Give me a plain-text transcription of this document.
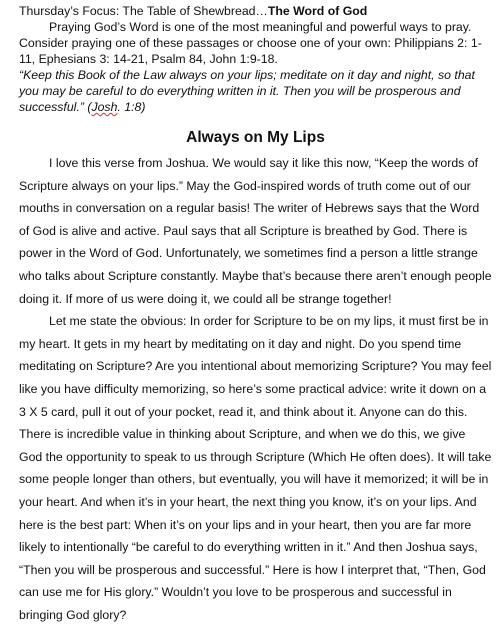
Thursday’s Focus: The Table of Shewbread…The Word of God

Praying God’s Word is one of the most meaningful and powerful ways to pray. Consider praying one of these passages or choose one of your own: Philippians 2: 1-11, Ephesians 3: 14-21, Psalm 84, John 1:9-18.

“Keep this Book of the Law always on your lips; meditate on it day and night, so that you may be careful to do everything written in it. Then you will be prosperous and successful.” (Josh. 1:8)

Always on My Lips

I love this verse from Joshua. We would say it like this now, “Keep the words of Scripture always on your lips.” May the God-inspired words of truth come out of our mouths in conversation on a regular basis! The writer of Hebrews says that the Word of God is alive and active. Paul says that all Scripture is breathed by God. There is power in the Word of God. Unfortunately, we sometimes find a person a little strange who talks about Scripture constantly. Maybe that’s because there aren’t enough people doing it. If more of us were doing it, we could all be strange together!

Let me state the obvious: In order for Scripture to be on my lips, it must first be in my heart. It gets in my heart by meditating on it day and night. Do you spend time meditating on Scripture? Are you intentional about memorizing Scripture? You may feel like you have difficulty memorizing, so here’s some practical advice: write it down on a 3 X 5 card, pull it out of your pocket, read it, and think about it. Anyone can do this. There is incredible value in thinking about Scripture, and when we do this, we give God the opportunity to speak to us through Scripture (Which He often does). It will take some people longer than others, but eventually, you will have it memorized; it will be in your heart. And when it’s in your heart, the next thing you know, it’s on your lips. And here is the best part: When it’s on your lips and in your heart, then you are far more likely to intentionally “be careful to do everything written in it.” And then Joshua says, “Then you will be prosperous and successful.” Here is how I interpret that, “Then, God can use me for His glory.” Wouldn’t you love to be prosperous and successful in bringing God glory?
